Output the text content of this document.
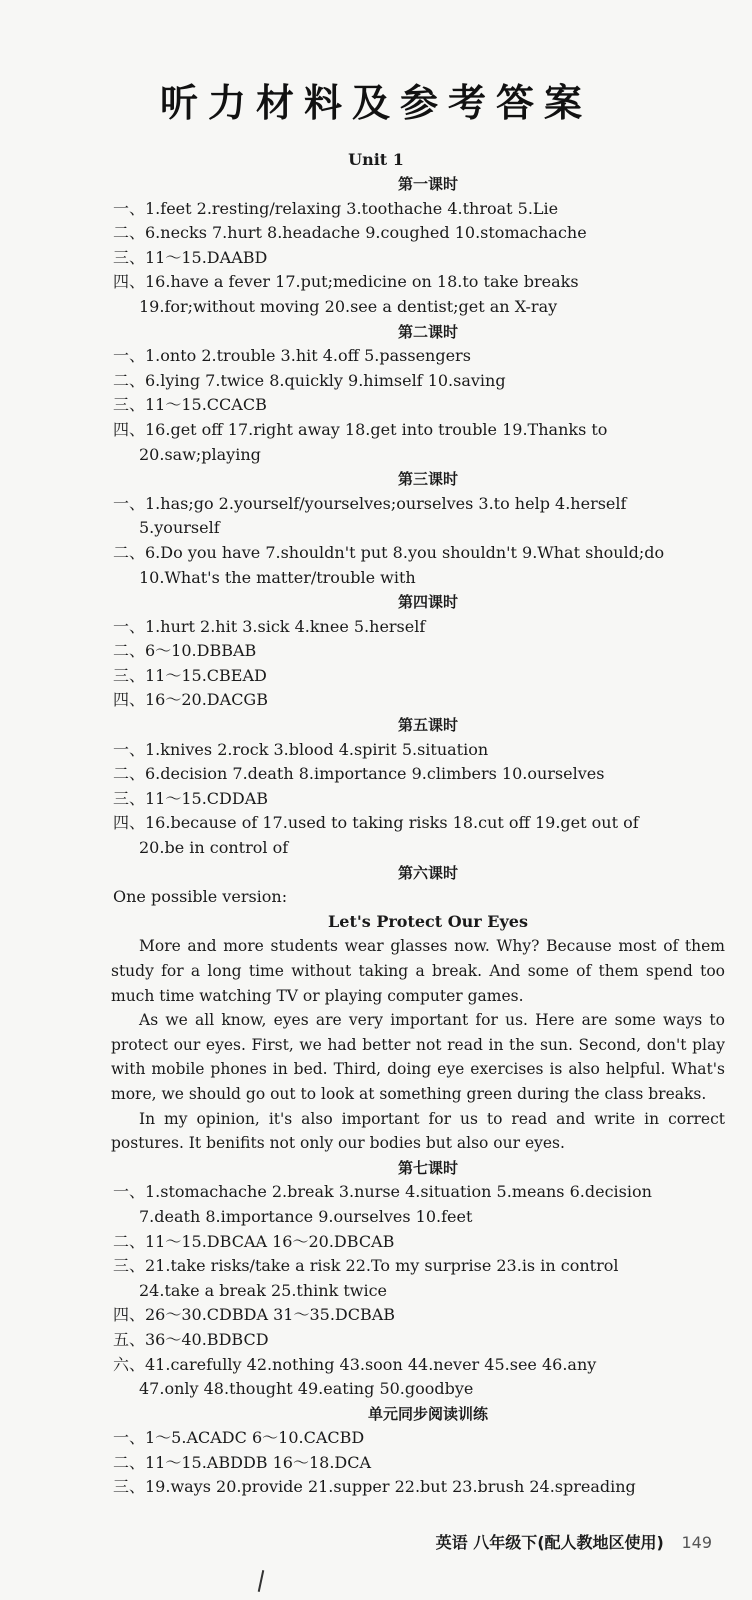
听力材料及参考答案
Unit 1
第一课时
一、1.feet 2.resting/relaxing 3.toothache 4.throat 5.Lie
二、6.necks 7.hurt 8.headache 9.coughed 10.stomachache
三、11～15.DAABD
四、16.have a fever 17.put;medicine on 18.to take breaks
19.for;without moving 20.see a dentist;get an X-ray
第二课时
一、1.onto 2.trouble 3.hit 4.off 5.passengers
二、6.lying 7.twice 8.quickly 9.himself 10.saving
三、11～15.CCACB
四、16.get off 17.right away 18.get into trouble 19.Thanks to
20.saw;playing
第三课时
一、1.has;go 2.yourself/yourselves;ourselves 3.to help 4.herself
5.yourself
二、6.Do you have 7.shouldn't put 8.you shouldn't 9.What should;do
10.What's the matter/trouble with
第四课时
一、1.hurt 2.hit 3.sick 4.knee 5.herself
二、6～10.DBBAB
三、11～15.CBEAD
四、16～20.DACGB
第五课时
一、1.knives 2.rock 3.blood 4.spirit 5.situation
二、6.decision 7.death 8.importance 9.climbers 10.ourselves
三、11～15.CDDAB
四、16.because of 17.used to taking risks 18.cut off 19.get out of
20.be in control of
第六课时
One possible version:
Let's Protect Our Eyes
More and more students wear glasses now. Why? Because most of them study for a long time without taking a break. And some of them spend too much time watching TV or playing computer games.
As we all know, eyes are very important for us. Here are some ways to protect our eyes. First, we had better not read in the sun. Second, don't play with mobile phones in bed. Third, doing eye exercises is also helpful. What's more, we should go out to look at something green during the class breaks.
In my opinion, it's also important for us to read and write in correct postures. It benifits not only our bodies but also our eyes.
第七课时
一、1.stomachache 2.break 3.nurse 4.situation 5.means 6.decision
7.death 8.importance 9.ourselves 10.feet
二、11～15.DBCAA 16～20.DBCAB
三、21.take risks/take a risk 22.To my surprise 23.is in control
24.take a break 25.think twice
四、26～30.CDBDA 31～35.DCBAB
五、36～40.BDBCD
六、41.carefully 42.nothing 43.soon 44.never 45.see 46.any
47.only 48.thought 49.eating 50.goodbye
单元同步阅读训练
一、1～5.ACADC 6～10.CACBD
二、11～15.ABDDB 16～18.DCA
三、19.ways 20.provide 21.supper 22.but 23.brush 24.spreading
英语 八年级下(配人教地区使用) 149
